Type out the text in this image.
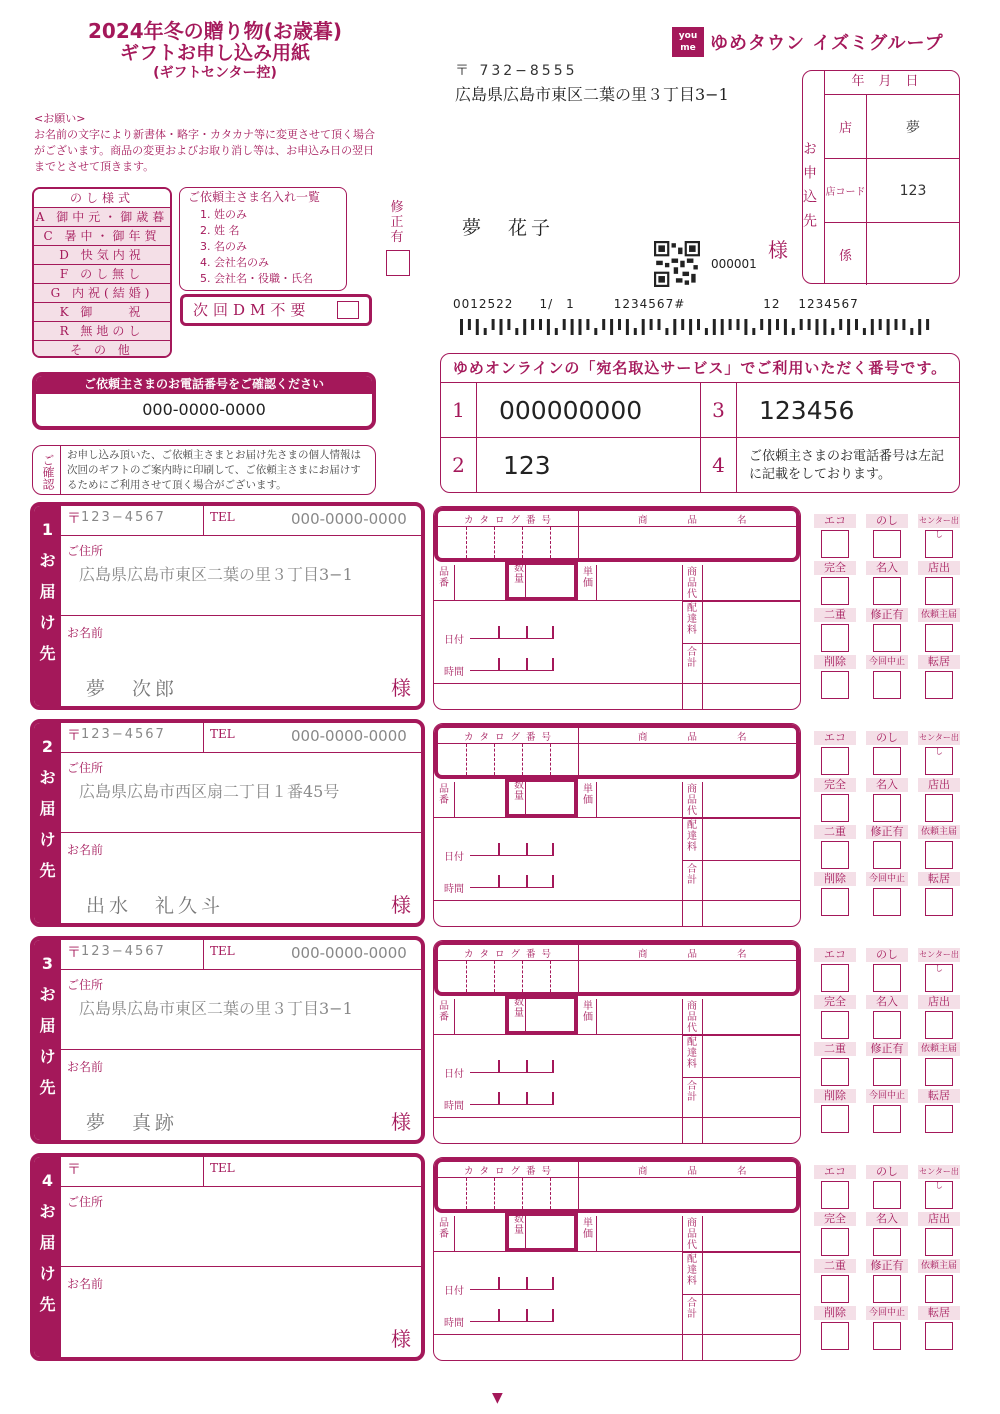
2024年冬の贈り物(お歳暮)
ギフトお申し込み用紙
(ギフトセンター控)
<お願い>
お名前の文字により新書体・略字・カタカナ等に変更させて頂く場合がございます。商品の変更およびお取り消し等は、お申込み日の翌日までとさせて頂きます。
のし様式
A 御中元・御歳暮
C 暑中・御年賀
D 快気内祝
F のし無し
G 内祝(結婚)
K 御　　祝
R 無地のし
そ の 他
ご依頼主さま名入れ一覧
1. 姓のみ
2. 姓 名
3. 名のみ
4. 会社名のみ
5. 会社名・役職・氏名
次回DM不要
修正有
ご依頼主さまのお電話番号をご確認ください
000-0000-0000
ご確認	お申し込み頂いた、ご依頼主さまとお届け先さまの個人情報は次回のギフトのご案内時に印刷して、ご依頼主さまにお届けするためにご利用させて頂く場合がございます。
you
me ゆめタウン イズミグループ
〒 732−8555
広島県広島市東区二葉の里３丁目3−1
お申込先
年月日
店	夢
店コード	123
係
夢　花子
様
000001
0012522　　1/　1　　　1234567#　　　　　　12　 1234567
ゆめオンラインの「宛名取込サービス」でご利用いただく番号です。
1	000000000	3	123456
2	123	4	ご依頼主さまのお電話番号は左記に記載をしております。
1お届け先
〒 123−4567	TEL	000-0000-0000
ご住所
広島県広島市東区二葉の里３丁目3−1
お名前
夢　次郎	様
カタログ番号	商品名
品番
数量
単価
商品代
配達料
合計
日付
時間
エコ	のし	センター出し
完全	名入	店出
二重	修正有	依頼主届
削除	今回中止	転居
2お届け先
〒 123−4567	TEL	000-0000-0000
ご住所
広島県広島市西区扇二丁目１番45号
お名前
出水　礼久斗	様
カタログ番号	商品名
品番
数量
単価
商品代
配達料
合計
日付
時間
エコ	のし	センター出し
完全	名入	店出
二重	修正有	依頼主届
削除	今回中止	転居
3お届け先
〒 123−4567	TEL	000-0000-0000
ご住所
広島県広島市東区二葉の里３丁目3−1
お名前
夢　真跡	様
カタログ番号	商品名
品番
数量
単価
商品代
配達料
合計
日付
時間
エコ	のし	センター出し
完全	名入	店出
二重	修正有	依頼主届
削除	今回中止	転居
4お届け先
〒	TEL
ご住所
お名前
様
カタログ番号	商品名
品番
数量
単価
商品代
配達料
合計
日付
時間
エコ	のし	センター出し
完全	名入	店出
二重	修正有	依頼主届
削除	今回中止	転居
▼
